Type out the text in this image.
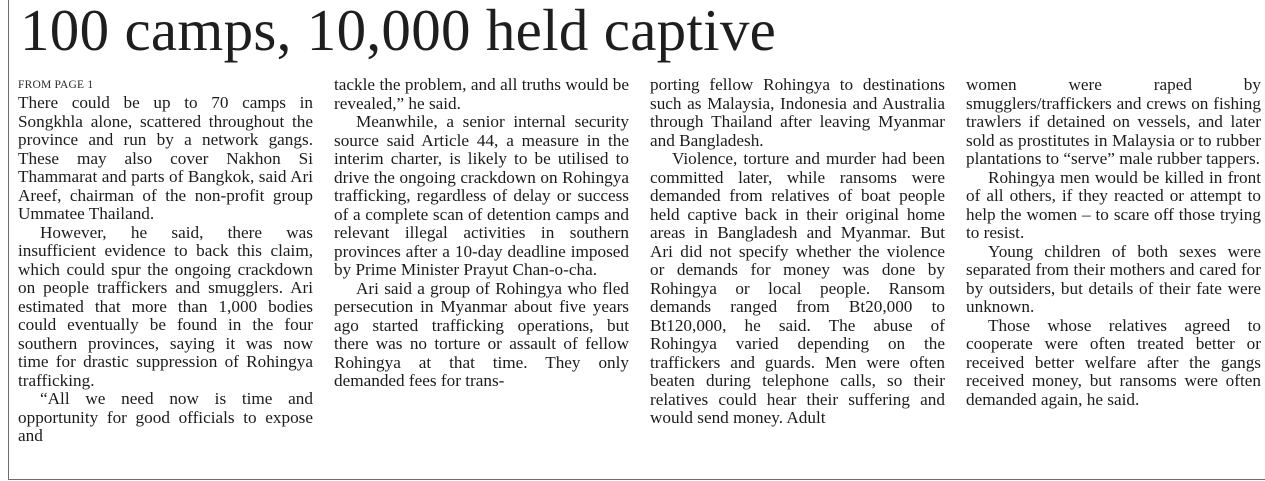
100 camps, 10,000 held captive
FROM PAGE 1

There could be up to 70 camps in Songkhla alone, scattered throughout the province and run by a network gangs. These may also cover Nakhon Si Thammarat and parts of Bangkok, said Ari Areef, chairman of the non-profit group Ummatee Thailand.

However, he said, there was insufficient evidence to back this claim, which could spur the ongoing crackdown on people traffickers and smugglers. Ari estimated that more than 1,000 bodies could eventually be found in the four southern provinces, saying it was now time for drastic suppression of Rohingya trafficking.

“All we need now is time and opportunity for good officials to expose and

tackle the problem, and all truths would be revealed,” he said.

Meanwhile, a senior internal security source said Article 44, a measure in the interim charter, is likely to be utilised to drive the ongoing crackdown on Rohingya trafficking, regardless of delay or success of a complete scan of detention camps and relevant illegal activities in southern provinces after a 10-day deadline imposed by Prime Minister Prayut Chan-o-cha.

Ari said a group of Rohingya who fled persecution in Myanmar about five years ago started trafficking operations, but there was no torture or assault of fellow Rohingya at that time. They only demanded fees for trans-

porting fellow Rohingya to destinations such as Malaysia, Indonesia and Australia through Thailand after leaving Myanmar and Bangladesh.

Violence, torture and murder had been committed later, while ransoms were demanded from relatives of boat people held captive back in their original home areas in Bangladesh and Myanmar. But Ari did not specify whether the violence or demands for money was done by Rohingya or local people. Ransom demands ranged from Bt20,000 to Bt120,000, he said. The abuse of Rohingya varied depending on the traffickers and guards. Men were often beaten during telephone calls, so their relatives could hear their suffering and would send money. Adult

women were raped by smugglers/traffickers and crews on fishing trawlers if detained on vessels, and later sold as prostitutes in Malaysia or to rubber plantations to “serve” male rubber tappers.

Rohingya men would be killed in front of all others, if they reacted or attempt to help the women – to scare off those trying to resist.

Young children of both sexes were separated from their mothers and cared for by outsiders, but details of their fate were unknown.

Those whose relatives agreed to cooperate were often treated better or received better welfare after the gangs received money, but ransoms were often demanded again, he said.
